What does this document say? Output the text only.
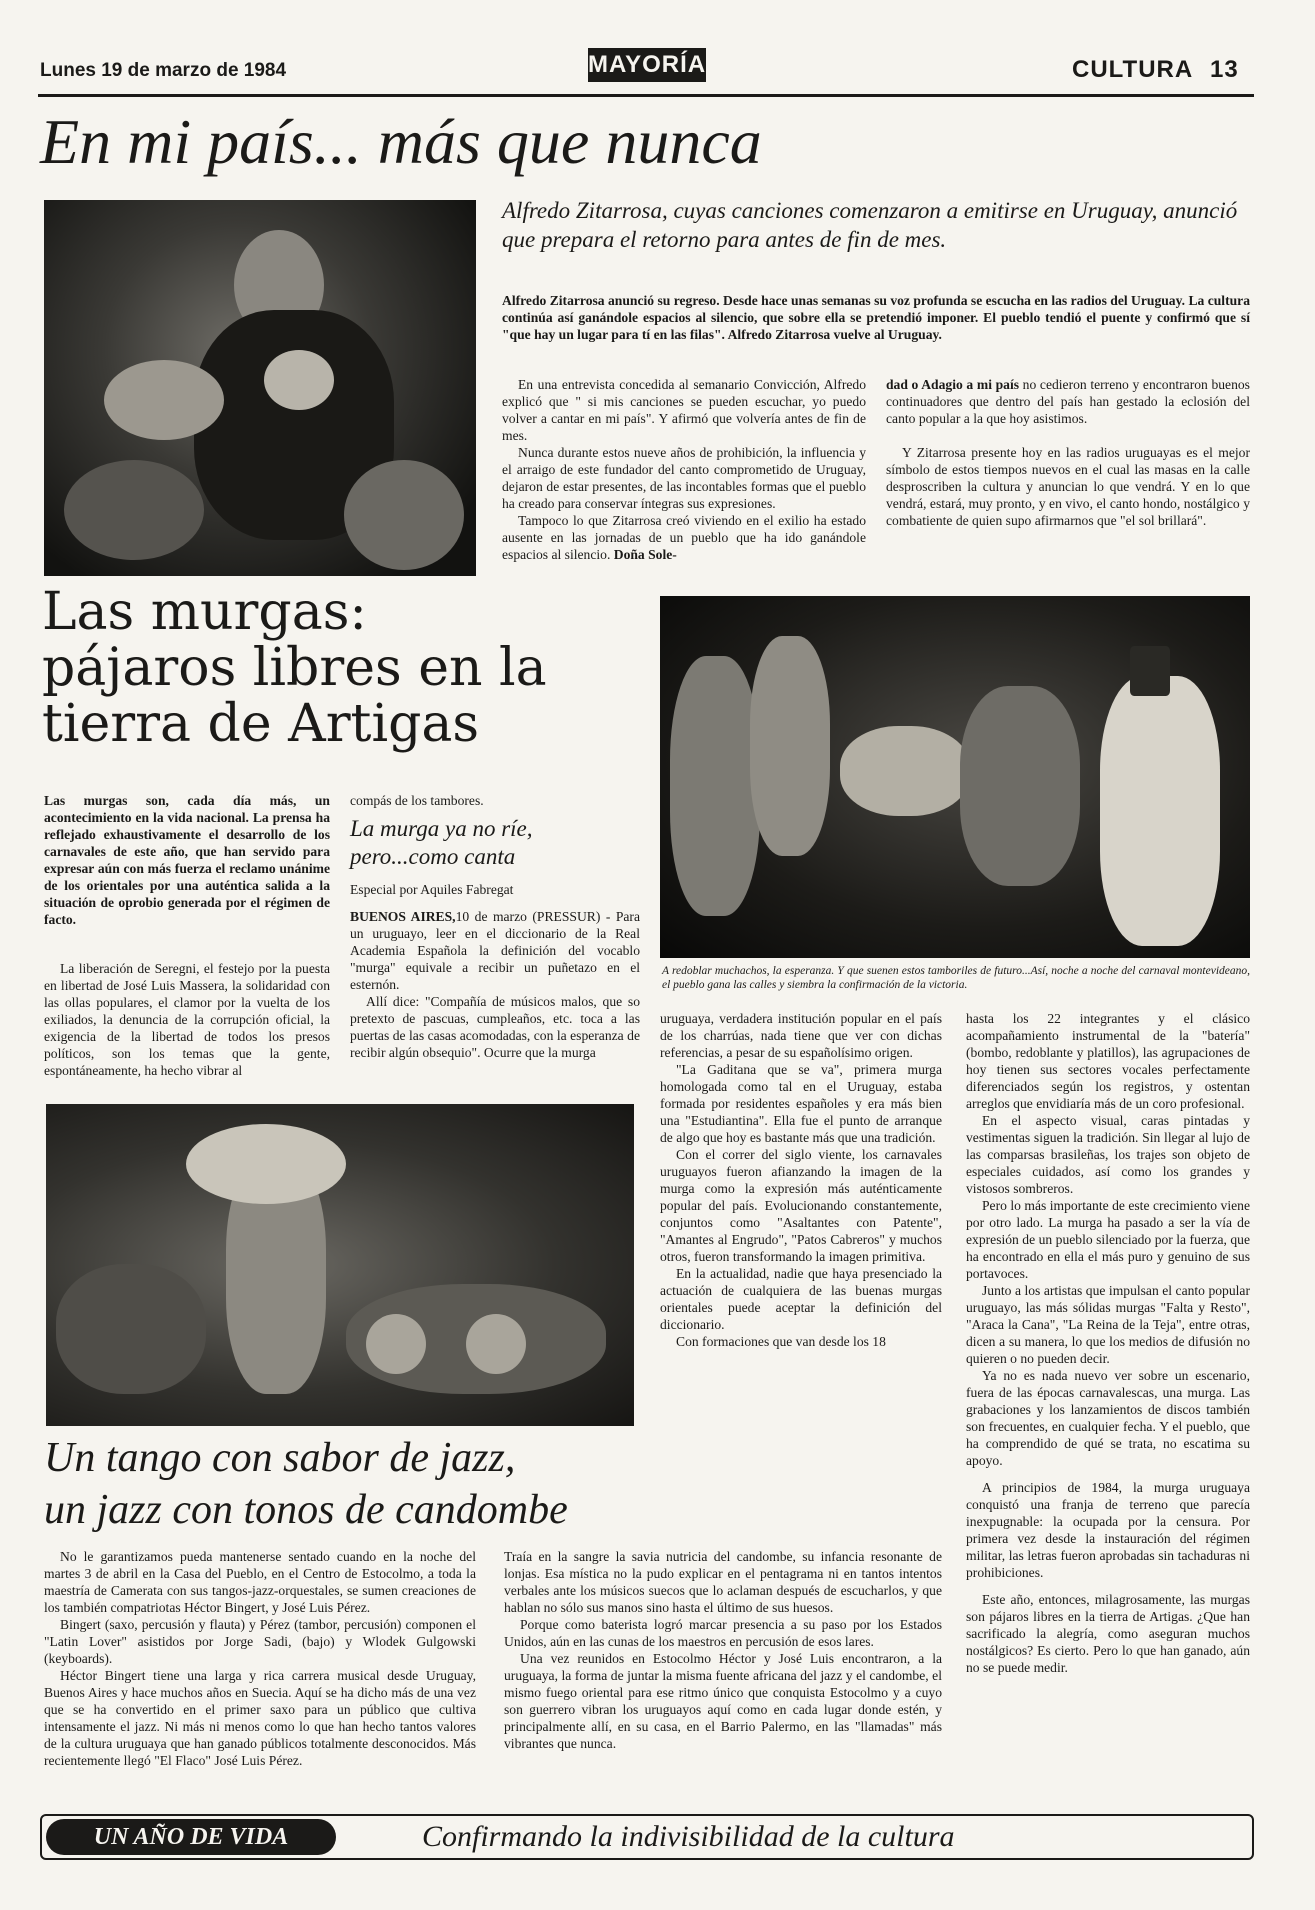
Lunes 19 de marzo de 1984	MAYORÍA	CULTURA 13
En mi país... más que nunca
Alfredo Zitarrosa, cuyas canciones comenzaron a emitirse en Uruguay, anunció que prepara el retorno para antes de fin de mes.
Alfredo Zitarrosa anunció su regreso. Desde hace unas semanas su voz profunda se escucha en las radios del Uruguay. La cultura continúa así ganándole espacios al silencio, que sobre ella se pretendió imponer. El pueblo tendió el puente y confirmó que sí "que hay un lugar para tí en las filas". Alfredo Zitarrosa vuelve al Uruguay.

En una entrevista concedida al semanario Convicción, Alfredo explicó que " si mis canciones se pueden escuchar, yo puedo volver a cantar en mi país". Y afirmó que volvería antes de fin de mes.

Nunca durante estos nueve años de prohibición, la influencia y el arraigo de este fundador del canto comprometido de Uruguay, dejaron de estar presentes, de las incontables formas que el pueblo ha creado para conservar íntegras sus expresiones.

Tampoco lo que Zitarrosa creó viviendo en el exilio ha estado ausente en las jornadas de un pueblo que ha ido ganándole espacios al silencio. Doña Sole-

dad o Adagio a mi país no cedieron terreno y encontraron buenos continuadores que dentro del país han gestado la eclosión del canto popular a la que hoy asistimos.

Y Zitarrosa presente hoy en las radios uruguayas es el mejor símbolo de estos tiempos nuevos en el cual las masas en la calle desproscriben la cultura y anuncian lo que vendrá. Y en lo que vendrá, estará, muy pronto, y en vivo, el canto hondo, nostálgico y combatiente de quien supo afirmarnos que "el sol brillará".

Las murgas:
pájaros libres en la
tierra de Artigas
A redoblar muchachos, la esperanza. Y que suenen estos tamboriles de futuro...Así, noche a noche del carnaval montevideano, el pueblo gana las calles y siembra la confirmación de la victoria.
Las murgas son, cada día más, un acontecimiento en la vida nacional. La prensa ha reflejado exhaustivamente el desarrollo de los carnavales de este año, que han servido para expresar aún con más fuerza el reclamo unánime de los orientales por una auténtica salida a la situación de oprobio generada por el régimen de facto.

La liberación de Seregni, el festejo por la puesta en libertad de José Luis Massera, la solidaridad con las ollas populares, el clamor por la vuelta de los exiliados, la denuncia de la corrupción oficial, la exigencia de la libertad de todos los presos políticos, son los temas que la gente, espontáneamente, ha hecho vibrar al

compás de los tambores.

La murga ya no ríe, pero...como canta

Especial por Aquiles Fabregat

BUENOS AIRES,10 de marzo (PRESSUR) - Para un uruguayo, leer en el diccionario de la Real Academia Española la definición del vocablo "murga" equivale a recibir un puñetazo en el esternón.

Allí dice: "Compañía de músicos malos, que so pretexto de pascuas, cumpleaños, etc. toca a las puertas de las casas acomodadas, con la esperanza de recibir algún obsequio". Ocurre que la murga

uruguaya, verdadera institución popular en el país de los charrúas, nada tiene que ver con dichas referencias, a pesar de su españolísimo origen.

"La Gaditana que se va", primera murga homologada como tal en el Uruguay, estaba formada por residentes españoles y era más bien una "Estudiantina". Ella fue el punto de arranque de algo que hoy es bastante más que una tradición.

Con el correr del siglo viente, los carnavales uruguayos fueron afianzando la imagen de la murga como la expresión más auténticamente popular del país. Evolucionando constantemente, conjuntos como "Asaltantes con Patente", "Amantes al Engrudo", "Patos Cabreros" y muchos otros, fueron transformando la imagen primitiva.

En la actualidad, nadie que haya presenciado la actuación de cualquiera de las buenas murgas orientales puede aceptar la definición del diccionario.

Con formaciones que van desde los 18

hasta los 22 integrantes y el clásico acompañamiento instrumental de la "batería" (bombo, redoblante y platillos), las agrupaciones de hoy tienen sus sectores vocales perfectamente diferenciados según los registros, y ostentan arreglos que envidiaría más de un coro profesional.

En el aspecto visual, caras pintadas y vestimentas siguen la tradición. Sin llegar al lujo de las comparsas brasileñas, los trajes son objeto de especiales cuidados, así como los grandes y vistosos sombreros.

Pero lo más importante de este crecimiento viene por otro lado. La murga ha pasado a ser la vía de expresión de un pueblo silenciado por la fuerza, que ha encontrado en ella el más puro y genuino de sus portavoces.

Junto a los artistas que impulsan el canto popular uruguayo, las más sólidas murgas "Falta y Resto", "Araca la Cana", "La Reina de la Teja", entre otras, dicen a su manera, lo que los medios de difusión no quieren o no pueden decir.

Ya no es nada nuevo ver sobre un escenario, fuera de las épocas carnavalescas, una murga. Las grabaciones y los lanzamientos de discos también son frecuentes, en cualquier fecha. Y el pueblo, que ha comprendido de qué se trata, no escatima su apoyo.

A principios de 1984, la murga uruguaya conquistó una franja de terreno que parecía inexpugnable: la ocupada por la censura. Por primera vez desde la instauración del régimen militar, las letras fueron aprobadas sin tachaduras ni prohibiciones.

Este año, entonces, milagrosamente, las murgas son pájaros libres en la tierra de Artigas. ¿Que han sacrificado la alegría, como aseguran muchos nostálgicos? Es cierto. Pero lo que han ganado, aún no se puede medir.

Un tango con sabor de jazz,
un jazz con tonos de candombe

No le garantizamos pueda mantenerse sentado cuando en la noche del martes 3 de abril en la Casa del Pueblo, en el Centro de Estocolmo, a toda la maestría de Camerata con sus tangos-jazz-orquestales, se sumen creaciones de los también compatriotas Héctor Bingert, y José Luis Pérez.

Bingert (saxo, percusión y flauta) y Pérez (tambor, percusión) componen el "Latin Lover" asistidos por Jorge Sadi, (bajo) y Wlodek Gulgowski (keyboards).

Héctor Bingert tiene una larga y rica carrera musical desde Uruguay, Buenos Aires y hace muchos años en Suecia. Aquí se ha dicho más de una vez que se ha convertido en el primer saxo para un público que cultiva intensamente el jazz. Ni más ni menos como lo que han hecho tantos valores de la cultura uruguaya que han ganado públicos totalmente desconocidos. Más recientemente llegó "El Flaco" José Luis Pérez.

Traía en la sangre la savia nutricia del candombe, su infancia resonante de lonjas. Esa mística no la pudo explicar en el pentagrama ni en tantos intentos verbales ante los músicos suecos que lo aclaman después de escucharlos, y que hablan no sólo sus manos sino hasta el último de sus huesos.

Porque como baterista logró marcar presencia a su paso por los Estados Unidos, aún en las cunas de los maestros en percusión de esos lares.

Una vez reunidos en Estocolmo Héctor y José Luis encontraron, a la uruguaya, la forma de juntar la misma fuente africana del jazz y el candombe, el mismo fuego oriental para ese ritmo único que conquista Estocolmo y a cuyo son guerrero vibran los uruguayos aquí como en cada lugar donde estén, y principalmente allí, en su casa, en el Barrio Palermo, en las "llamadas" más vibrantes que nunca.

UN AÑO DE VIDA	Confirmando la indivisibilidad de la cultura
